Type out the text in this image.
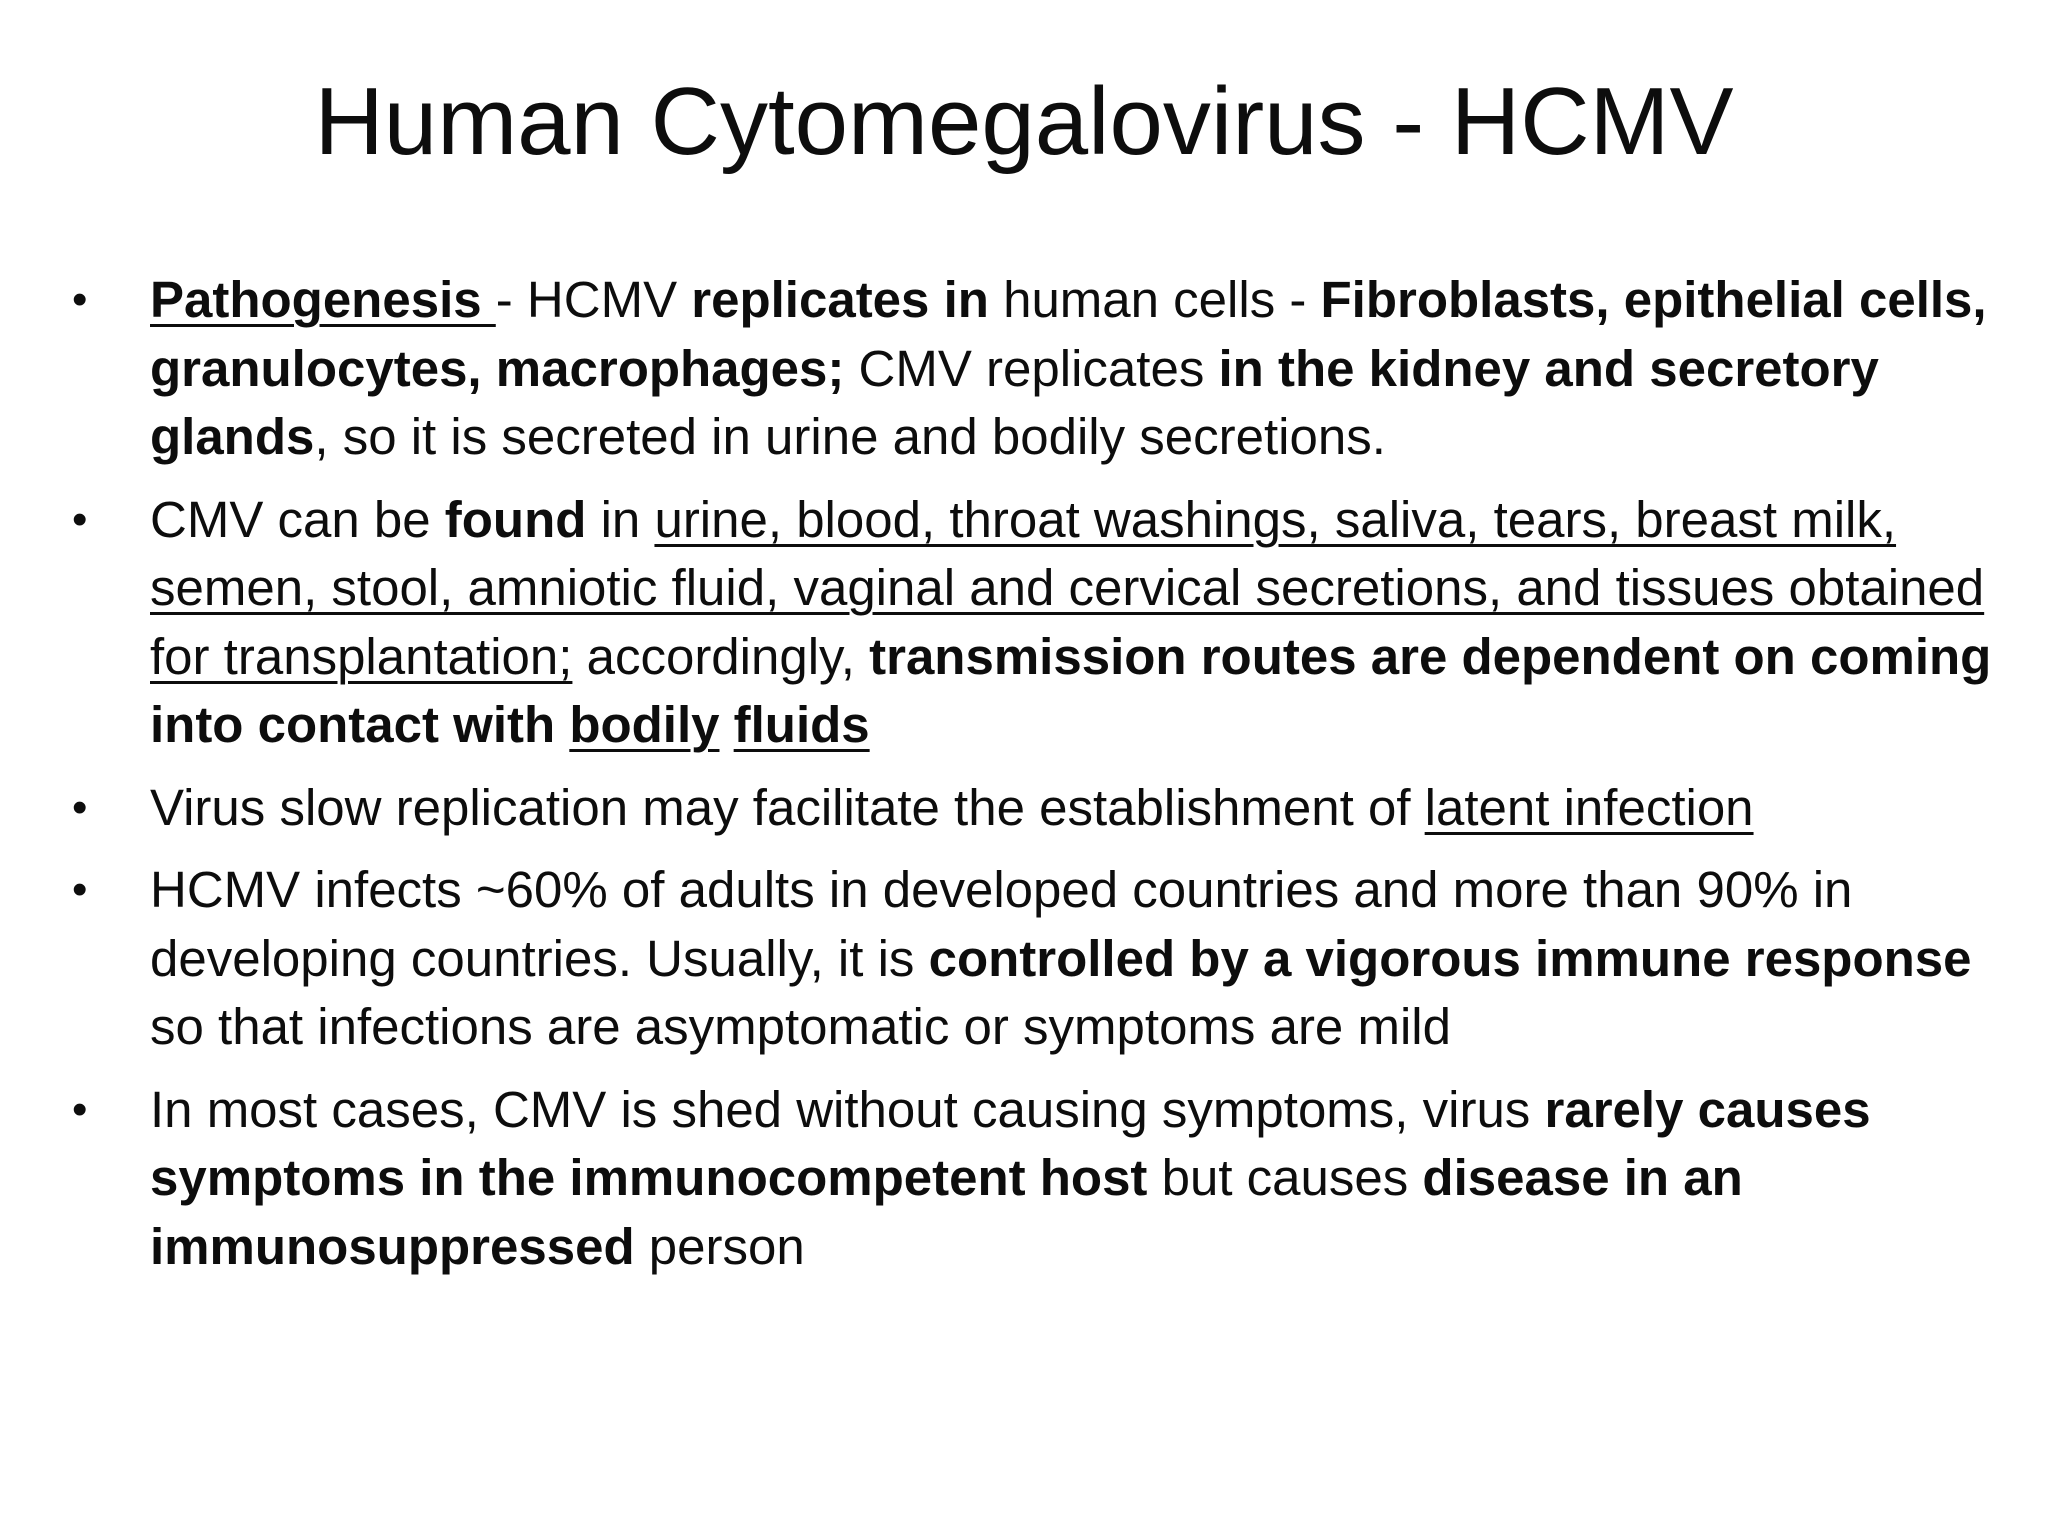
Human Cytomegalovirus - HCMV
• Pathogenesis - HCMV replicates in human cells - Fibroblasts, epithelial cells, granulocytes, macrophages; CMV replicates in the kidney and secretory glands, so it is secreted in urine and bodily secretions.
• CMV can be found in urine, blood, throat washings, saliva, tears, breast milk, semen, stool, amniotic fluid, vaginal and cervical secretions, and tissues obtained for transplantation; accordingly, transmission routes are dependent on coming into contact with bodily fluids
• Virus slow replication may facilitate the establishment of latent infection
• HCMV infects ~60% of adults in developed countries and more than 90% in developing countries. Usually, it is controlled by a vigorous immune response so that infections are asymptomatic or symptoms are mild
• In most cases, CMV is shed without causing symptoms, virus rarely causes symptoms in the immunocompetent host but causes disease in an immunosuppressed person
